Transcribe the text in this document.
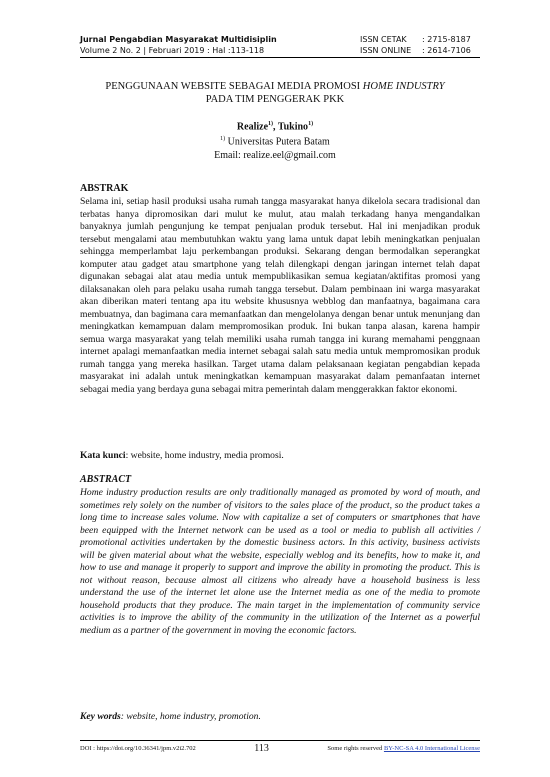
Jurnal Pengabdian Masyarakat Multidisiplin	ISSN CETAK	: 2715-8187
Volume 2 No. 2 | Februari 2019 : Hal :113-118	ISSN ONLINE	: 2614-7106
PENGGUNAAN WEBSITE SEBAGAI MEDIA PROMOSI HOME INDUSTRY
PADA TIM PENGGERAK PKK
Realize$^{1)}$, Tukino$^{1)}$
$^{1)}$ Universitas Putera Batam
Email: realize.eel@gmail.com
ABSTRAK
Selama ini, setiap hasil produksi usaha rumah tangga masyarakat hanya dikelola secara tradisional dan terbatas hanya dipromosikan dari mulut ke mulut, atau malah terkadang hanya mengandalkan banyaknya jumlah pengunjung ke tempat penjualan produk tersebut. Hal ini menjadikan produk tersebut mengalami atau membutuhkan waktu yang lama untuk dapat lebih meningkatkan penjualan sehingga memperlambat laju perkembangan produksi. Sekarang dengan bermodalkan seperangkat komputer atau gadget atau smartphone yang telah dilengkapi dengan jaringan internet telah dapat digunakan sebagai alat atau media untuk mempublikasikan semua kegiatan/aktifitas promosi yang dilaksanakan oleh para pelaku usaha rumah tangga tersebut. Dalam pembinaan ini warga masyarakat akan diberikan materi tentang apa itu website khususnya webblog dan manfaatnya, bagaimana cara membuatnya, dan bagimana cara memanfaatkan dan mengelolanya dengan benar untuk menunjang dan meningkatkan kemampuan dalam mempromosikan produk. Ini bukan tanpa alasan, karena hampir semua warga masyarakat yang telah memiliki usaha rumah tangga ini kurang memahami penggnaan internet apalagi memanfaatkan media internet sebagai salah satu media untuk mempromosikan produk rumah tangga yang mereka hasilkan. Target utama dalam pelaksanaan kegiatan pengabdian kepada masyarakat ini adalah untuk meningkatkan kemampuan masyarakat dalam pemanfaatan internet sebagai media yang berdaya guna sebagai mitra pemerintah dalam menggerakkan faktor ekonomi.
Kata kunci: website, home industry, media promosi.
ABSTRACT
Home industry production results are only traditionally managed as promoted by word of mouth, and sometimes rely solely on the number of visitors to the sales place of the product, so the product takes a long time to increase sales volume. Now with capitalize a set of computers or smartphones that have been equipped with the Internet network can be used as a tool or media to publish all activities / promotional activities undertaken by the domestic business actors. In this activity, business activists will be given material about what the website, especially weblog and its benefits, how to make it, and how to use and manage it properly to support and improve the ability in promoting the product. This is not without reason, because almost all citizens who already have a household business is less understand the use of the internet let alone use the Internet media as one of the media to promote household products that they produce. The main target in the implementation of community service activities is to improve the ability of the community in the utilization of the Internet as a powerful medium as a partner of the government in moving the economic factors.
Key words: website, home industry, promotion.
DOI : https://doi.org/10.36341/jpm.v2i2.702	113	Some rights reserved BY-NC-SA 4.0 International License
